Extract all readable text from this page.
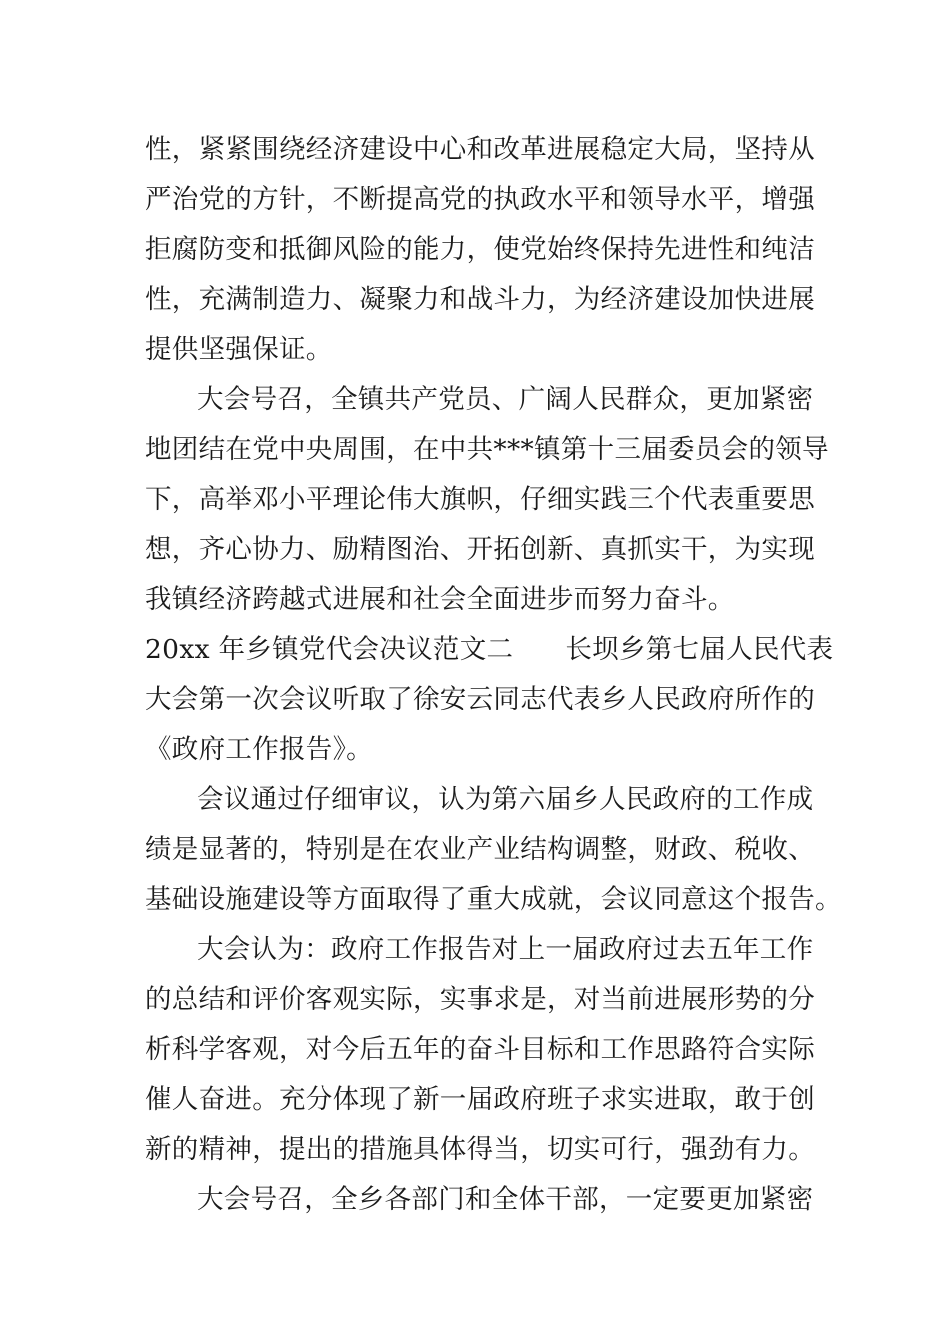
性，紧紧围绕经济建设中心和改革进展稳定大局，坚持从
严治党的方针，不断提高党的执政水平和领导水平，增强
拒腐防变和抵御风险的能力，使党始终保持先进性和纯洁
性，充满制造力、凝聚力和战斗力，为经济建设加快进展
提供坚强保证。
大会号召，全镇共产党员、广阔人民群众，更加紧密
地团结在党中央周围，在中共***镇第十三届委员会的领导
下，高举邓小平理论伟大旗帜，仔细实践三个代表重要思
想，齐心协力、励精图治、开拓创新、真抓实干，为实现
我镇经济跨越式进展和社会全面进步而努力奋斗。
20xx 年乡镇党代会决议范文二 长坝乡第七届人民代表
大会第一次会议听取了徐安云同志代表乡人民政府所作的
《政府工作报告》。
会议通过仔细审议，认为第六届乡人民政府的工作成
绩是显著的，特别是在农业产业结构调整，财政、税收、
基础设施建设等方面取得了重大成就，会议同意这个报告。
大会认为：政府工作报告对上一届政府过去五年工作
的总结和评价客观实际，实事求是，对当前进展形势的分
析科学客观，对今后五年的奋斗目标和工作思路符合实际
催人奋进。充分体现了新一届政府班子求实进取，敢于创
新的精神，提出的措施具体得当，切实可行，强劲有力。
大会号召，全乡各部门和全体干部，一定要更加紧密
